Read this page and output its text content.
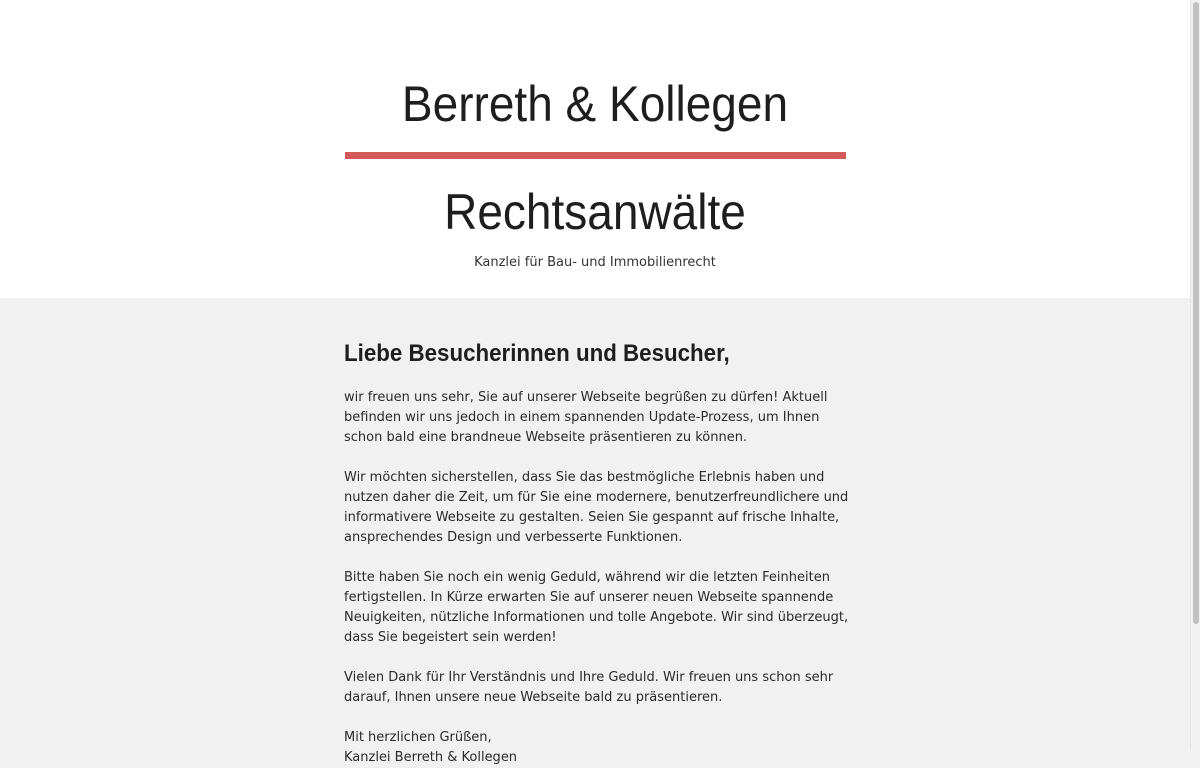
Berreth & Kollegen
Rechtsanwälte
Kanzlei für Bau- und Immobilienrecht
Liebe Besucherinnen und Besucher,

wir freuen uns sehr, Sie auf unserer Webseite begrüßen zu dürfen! Aktuell befinden wir uns jedoch in einem spannenden Update-Prozess, um Ihnen schon bald eine brandneue Webseite präsentieren zu können.

Wir möchten sicherstellen, dass Sie das bestmögliche Erlebnis haben und nutzen daher die Zeit, um für Sie eine modernere, benutzerfreundlichere und informativere Webseite zu gestalten. Seien Sie gespannt auf frische Inhalte, ansprechendes Design und verbesserte Funktionen.

Bitte haben Sie noch ein wenig Geduld, während wir die letzten Feinheiten fertigstellen. In Kürze erwarten Sie auf unserer neuen Webseite spannende Neuigkeiten, nützliche Informationen und tolle Angebote. Wir sind überzeugt, dass Sie begeistert sein werden!

Vielen Dank für Ihr Verständnis und Ihre Geduld. Wir freuen uns schon sehr darauf, Ihnen unsere neue Webseite bald zu präsentieren.

Mit herzlichen Grüßen,

Kanzlei Berreth & Kollegen
